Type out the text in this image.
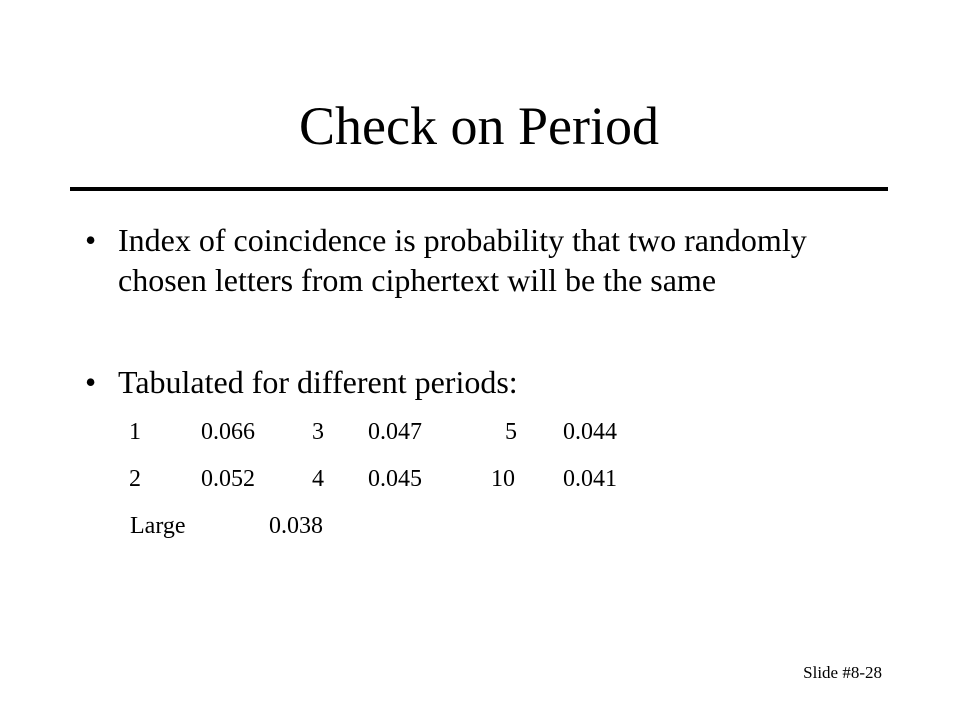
Check on Period
• Index of coincidence is probability that two randomly chosen letters from ciphertext will be the same
• Tabulated for different periods:
1	0.066 3 0.047	5 0.044
2	0.052 4 0.045	10 0.041
Large	0.038
Slide #8-28
